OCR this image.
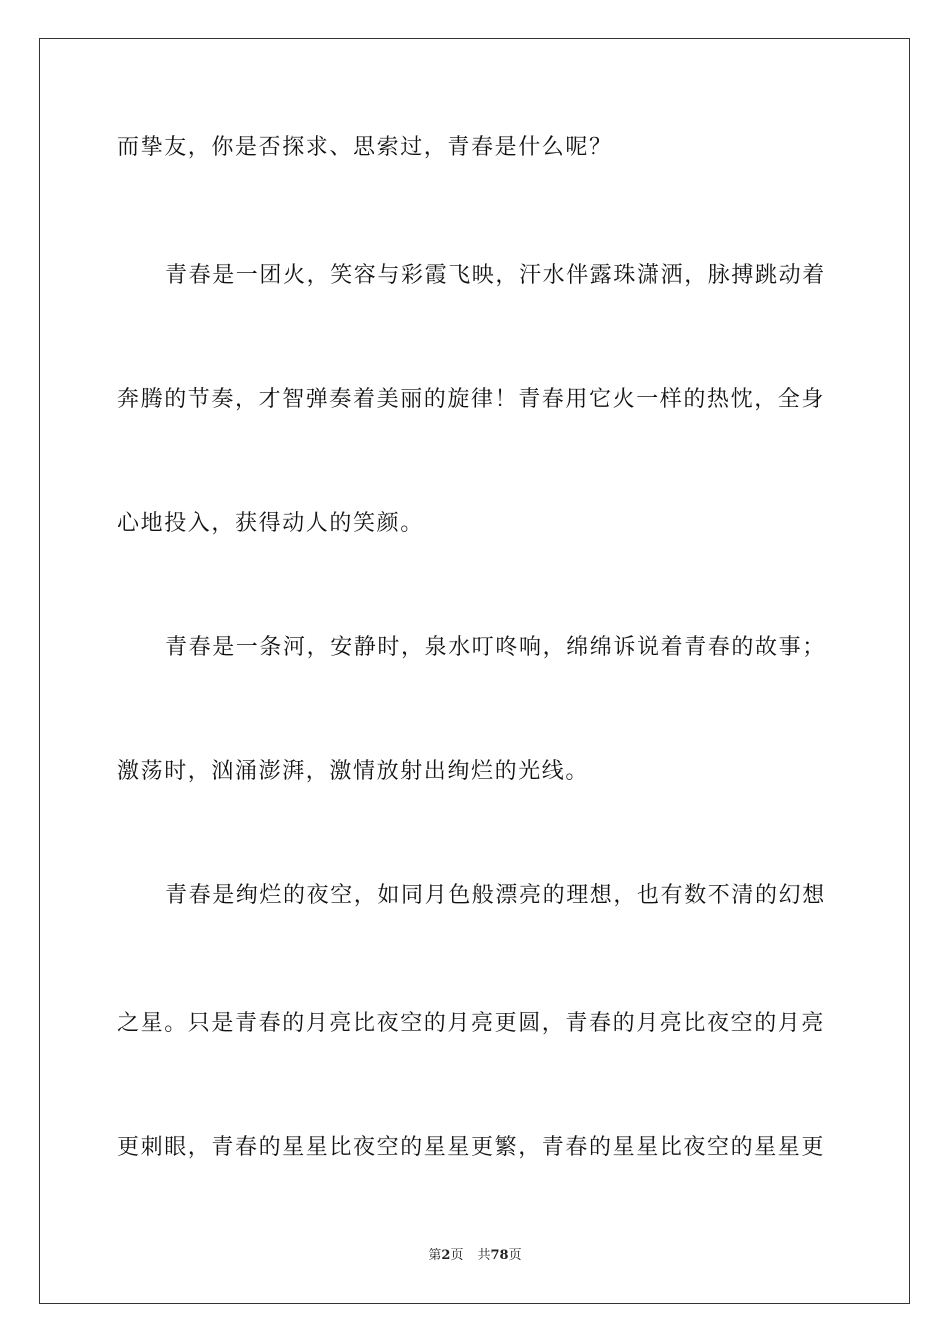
而挚友，你是否探求、思索过，青春是什么呢？
青春是一团火，笑容与彩霞飞映，汗水伴露珠潇洒，脉搏跳动着
奔腾的节奏，才智弹奏着美丽的旋律！青春用它火一样的热忱，全身
心地投入，获得动人的笑颜。
青春是一条河，安静时，泉水叮咚响，绵绵诉说着青春的故事；
激荡时，汹涌澎湃，激情放射出绚烂的光线。
青春是绚烂的夜空，如同月色般漂亮的理想，也有数不清的幻想
之星。只是青春的月亮比夜空的月亮更圆，青春的月亮比夜空的月亮
更刺眼，青春的星星比夜空的星星更繁，青春的星星比夜空的星星更
第2页 共78页
